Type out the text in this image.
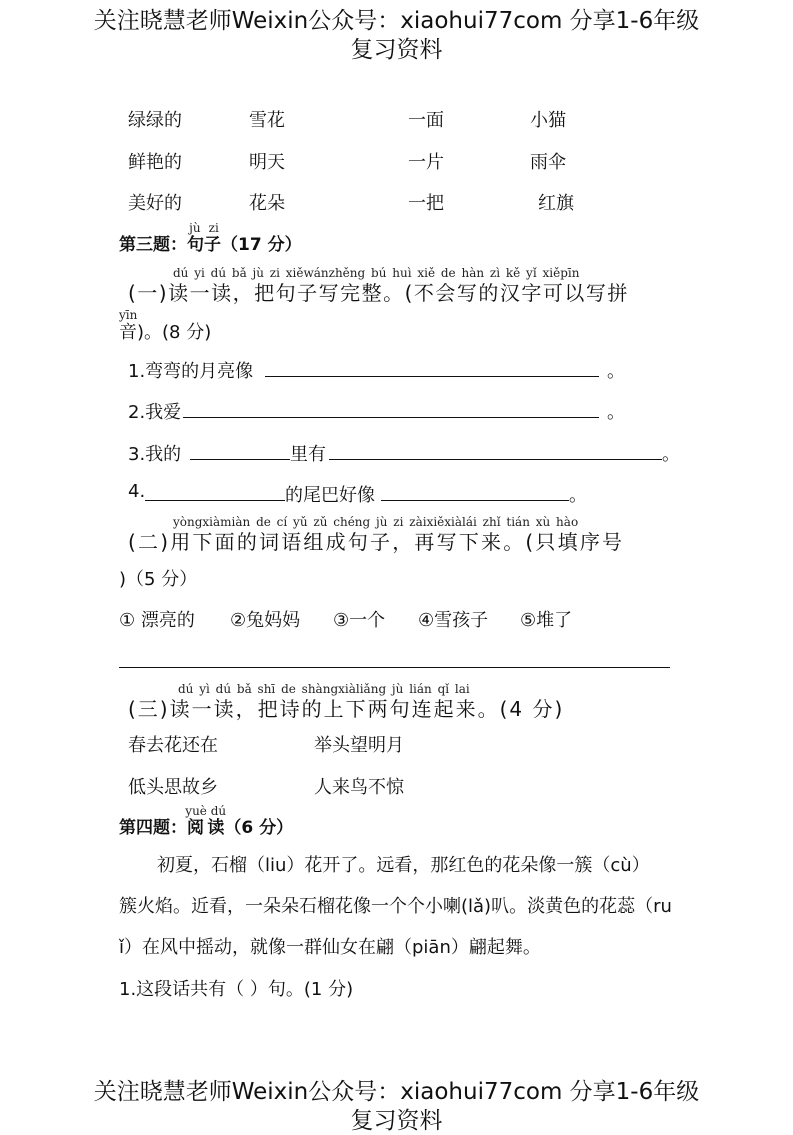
关注晓慧老师Weixin公众号：xiaohui77com 分享1-6年级
复习资料
绿绿的	雪花	一面	小猫
鲜艳的	明天	一片	雨伞
美好的	花朵	一把	红旗
第三题：句子jù zi（17 分）
dú yi dú bǎ jù zi xiěwánzhěng bú huì xiě de hàn zì kě yǐ xiěpīn
(一)读一读，把句子写完整。(不会写的汉字可以写拼
yīn
音)。(8 分)
1.弯弯的月亮像	。
2.我爱	。
3.我的	里有	。
4.	的尾巴好像	。
yòngxiàmiàn de cí yǔ zǔ chéng jù zi zàixiěxiàlái zhǐ tián xù hào
(二)用下面的词语组成句子，再写下来。(只填序号
)（5 分）
① 漂亮的 ②兔妈妈 ③一个 ④雪孩子 ⑤堆了
dú yì dú bǎ shī de shàngxiàliǎng jù lián qǐ lai
(三)读一读，把诗的上下两句连起来。(4 分)
春去花还在	举头望明月
低头思故乡	人来鸟不惊
第四题：阅读yuè dú（6 分）
初夏，石榴（liu）花开了。远看，那红色的花朵像一簇（cù）
簇火焰。近看，一朵朵石榴花像一个个小喇(lǎ)叭。淡黄色的花蕊（ru
ǐ）在风中摇动，就像一群仙女在翩（piān）翩起舞。
1.这段话共有（ ）句。(1 分)
关注晓慧老师Weixin公众号：xiaohui77com 分享1-6年级
复习资料
